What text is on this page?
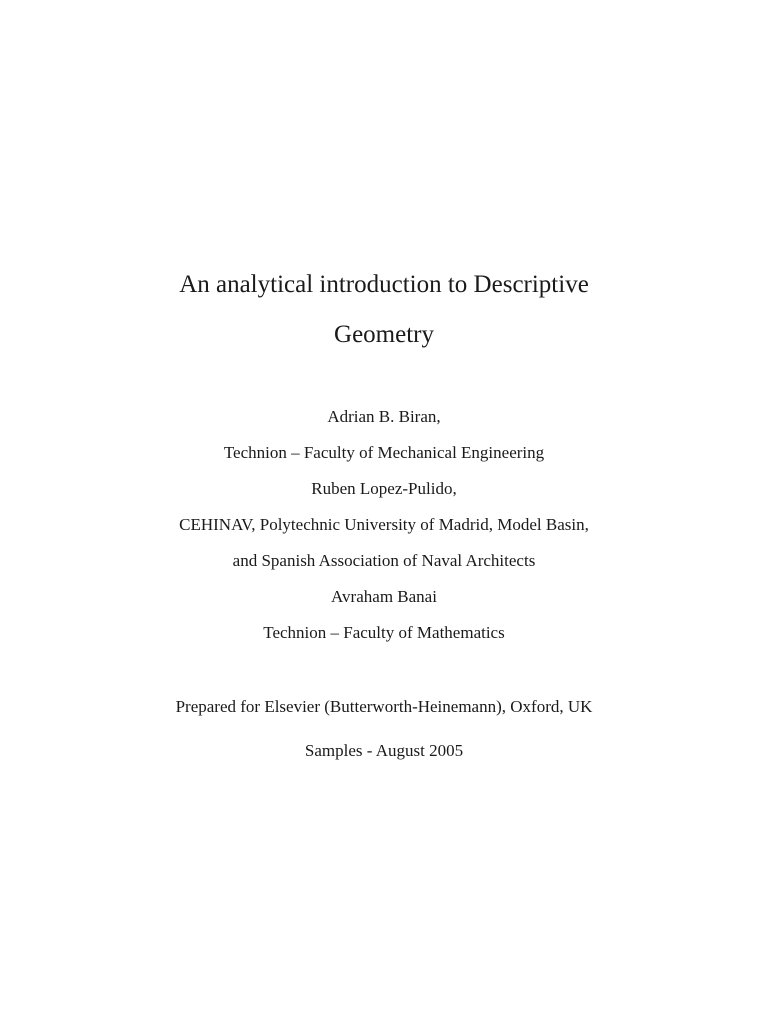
An analytical introduction to Descriptive
Geometry
Adrian B. Biran,
Technion – Faculty of Mechanical Engineering
Ruben Lopez-Pulido,
CEHINAV, Polytechnic University of Madrid, Model Basin,
and Spanish Association of Naval Architects
Avraham Banai
Technion – Faculty of Mathematics
Prepared for Elsevier (Butterworth-Heinemann), Oxford, UK
Samples - August 2005
